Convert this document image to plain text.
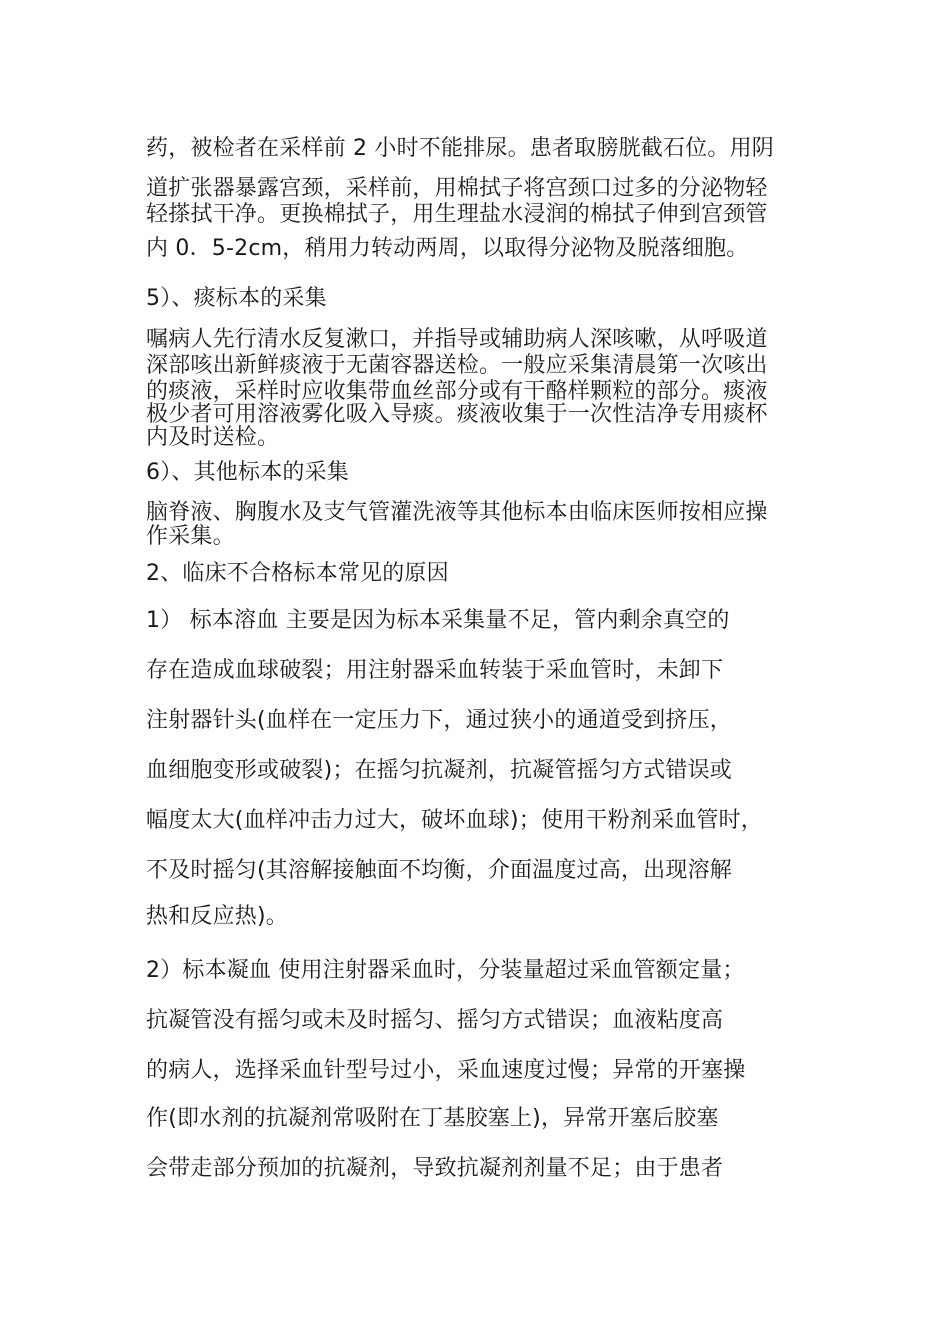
药，被检者在采样前 2 小时不能排尿。患者取膀胱截石位。用阴
道扩张器暴露宫颈，采样前，用棉拭子将宫颈口过多的分泌物轻
轻搽拭干净。更换棉拭子，用生理盐水浸润的棉拭子伸到宫颈管
内 0．5-2cm，稍用力转动两周，以取得分泌物及脱落细胞。
5）、痰标本的采集
嘱病人先行清水反复漱口，并指导或辅助病人深咳嗽，从呼吸道
深部咳出新鲜痰液于无菌容器送检。一般应采集清晨第一次咳出
的痰液，采样时应收集带血丝部分或有干酪样颗粒的部分。痰液
极少者可用溶液雾化吸入导痰。痰液收集于一次性洁净专用痰杯
内及时送检。
6）、其他标本的采集
脑脊液、胸腹水及支气管灌洗液等其他标本由临床医师按相应操
作采集。
2、临床不合格标本常见的原因
1） 标本溶血 主要是因为标本采集量不足，管内剩余真空的
存在造成血球破裂；用注射器采血转装于采血管时，未卸下
注射器针头(血样在一定压力下，通过狭小的通道受到挤压，
血细胞变形或破裂)；在摇匀抗凝剂，抗凝管摇匀方式错误或
幅度太大(血样冲击力过大，破坏血球)；使用干粉剂采血管时，
不及时摇匀(其溶解接触面不均衡，介面温度过高，出现溶解
热和反应热)。
2）标本凝血 使用注射器采血时，分装量超过采血管额定量；
抗凝管没有摇匀或未及时摇匀、摇匀方式错误；血液粘度高
的病人，选择采血针型号过小，采血速度过慢；异常的开塞操
作(即水剂的抗凝剂常吸附在丁基胶塞上)，异常开塞后胶塞
会带走部分预加的抗凝剂，导致抗凝剂剂量不足；由于患者
